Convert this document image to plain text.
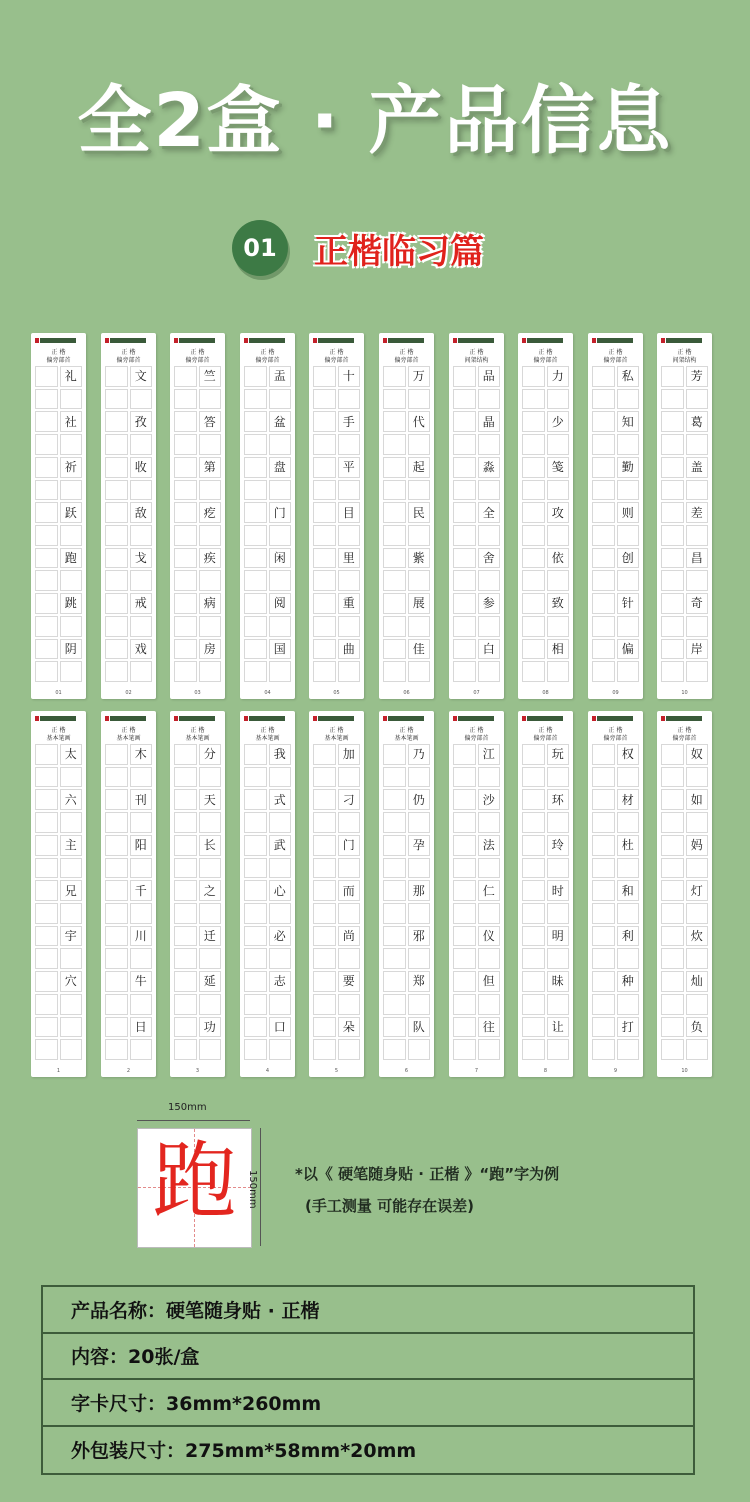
全2盒 · 产品信息
01	正楷临习篇
正 楷
偏旁部首
礼
社
祈
跃
跑
跳
阴
01
正 楷
偏旁部首
文
孜
收
敌
戈
戒
戏
02
正 楷
偏旁部首
竺
答
第
疙
疾
病
房
03
正 楷
偏旁部首
盂
盆
盘
门
闲
阅
国
04
正 楷
偏旁部首
十
手
平
目
里
重
曲
05
正 楷
偏旁部首
万
代
起
民
紫
展
佳
06
正 楷
间架结构
品
晶
淼
全
舍
参
白
07
正 楷
偏旁部首
力
少
笺
攻
依
致
相
08
正 楷
偏旁部首
私
知
勤
则
创
针
偏
09
正 楷
间架结构
芳
葛
盖
差
昌
奇
岸
10
正 楷
基本笔画
太
六
主
兄
宇
穴
1
正 楷
基本笔画
木
刊
阳
千
川
牛
日
2
正 楷
基本笔画
分
天
长
之
迁
延
功
3
正 楷
基本笔画
我
式
武
心
必
志
口
4
正 楷
基本笔画
加
刁
门
而
尚
要
朵
5
正 楷
基本笔画
乃
仍
孕
那
邪
郑
队
6
正 楷
偏旁部首
江
沙
法
仁
仪
但
往
7
正 楷
偏旁部首
玩
环
玲
时
明
昧
让
8
正 楷
偏旁部首
权
材
杜
和
利
种
打
9
正 楷
偏旁部首
奴
如
妈
灯
炊
灿
负
10
150mm
跑	150mm *以《 硬笔随身贴 · 正楷 》“跑”字为例
(手工测量 可能存在误差)
产品名称：硬笔随身贴 · 正楷
内容：20张/盒
字卡尺寸：36mm*260mm
外包装尺寸：275mm*58mm*20mm
